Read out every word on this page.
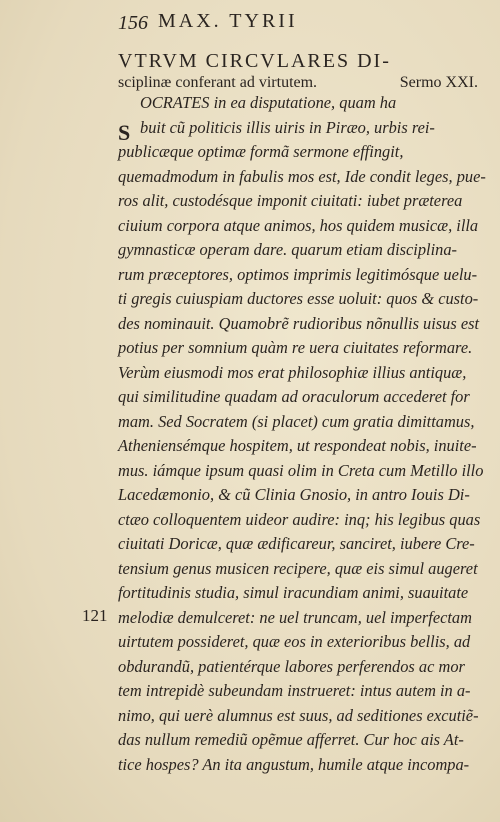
156 MAX. TYRII
VTRVM CIRCVLARES DI-
sciplinæ conferant ad virtutem.	Sermo XXI.
S
121
OCRATES in ea disputatione, quam ha
buit cũ politicis illis uiris in Piræo, urbis rei-
publicæque optimæ formã sermone effingit,
quemadmodum in fabulis mos est, Ide condit leges, pue-
ros alit, custodésque imponit ciuitati: iubet præterea
ciuium corpora atque animos, hos quidem musicæ, illa
gymnasticæ operam dare. quarum etiam disciplina-
rum præceptores, optimos imprimis legitimósque uelu-
ti gregis cuiuspiam ductores esse uoluit: quos & custo-
des nominauit. Quamobrẽ rudioribus nõnullis uisus est
potius per somnium quàm re uera ciuitates reformare.
Verùm eiusmodi mos erat philosophiæ illius antiquæ,
qui similitudine quadam ad oraculorum accederet for
mam. Sed Socratem (si placet) cum gratia dimittamus,
Atheniensémque hospitem, ut respondeat nobis, inuite-
mus. iámque ipsum quasi olim in Creta cum Metillo illo
Lacedæmonio, & cũ Clinia Gnosio, in antro Iouis Di-
ctæo colloquentem uideor audire: inq; his legibus quas
ciuitati Doricæ, quæ ædificareur, sanciret, iubere Cre-
tensium genus musicen recipere, quæ eis simul augeret
fortitudinis studia, simul iracundiam animi, suauitate
melodiæ demulceret: ne uel truncam, uel imperfectam
uirtutem possideret, quæ eos in exterioribus bellis, ad
obdurandũ, patientérque labores perferendos ac mor
tem intrepidè subeundam instrueret: intus autem in a-
nimo, qui uerè alumnus est suus, ad seditiones excutiẽ-
das nullum remediũ opẽmue afferret. Cur hoc ais At-
tice hospes? An ita angustum, humile atque incompa-
